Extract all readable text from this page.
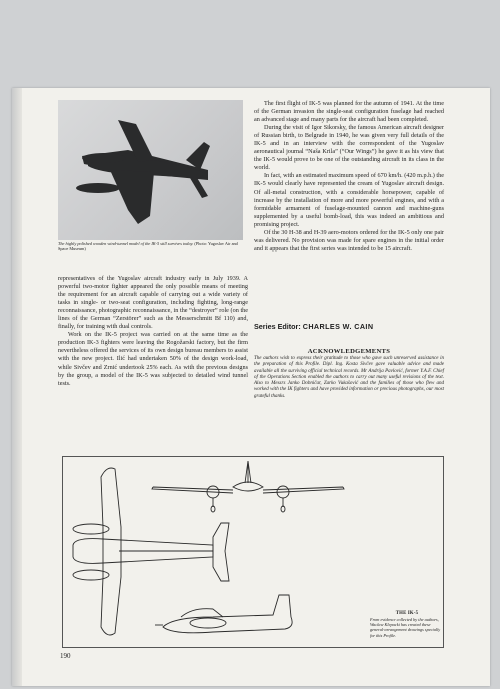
The highly polished wooden wind-tunnel model of the IK-5 still survives today. (Photo: Yugoslav Air and Space Museum)

representatives of the Yugoslav aircraft industry early in July 1939. A powerful two-motor fighter appeared the only possible means of meeting the requirement for an aircraft capable of carrying out a wide variety of tasks in single- or two-seat configuration, including fighting, long-range reconnaissance, photographic reconnaissance, in the “destroyer” role (on the lines of the German “Zerstörer” such as the Messerschmitt Bf 110) and, finally, for training with dual controls.

Work on the IK-5 project was carried on at the same time as the production IK-3 fighters were leaving the Rogožarski factory, but the firm nevertheless offered the services of its own design bureau members to assist with the new project. Ilić had undertaken 50% of the design work-load, while Sivčev and Zrnić undertook 25% each. As with the previous designs by the group, a model of the IK-5 was subjected to detailed wind tunnel tests.

The first flight of IK-5 was planned for the autumn of 1941. At the time of the German invasion the single-seat configuration fuselage had reached an advanced stage and many parts for the aircraft had been completed.

During the visit of Igor Sikorsky, the famous American aircraft designer of Russian birth, to Belgrade in 1940, he was given very full details of the IK-5 and in an interview with the correspondent of the Yugoslav aeronautical journal “Naša Krila” (“Our Wings”) he gave it as his view that the IK-5 would prove to be one of the outstanding aircraft in its class in the world.

In fact, with an estimated maximum speed of 670 km/h. (420 m.p.h.) the IK-5 would clearly have represented the cream of Yugoslav aircraft design. Of all-metal construction, with a considerable horsepower, capable of increase by the installation of more and more powerful engines, and with a formidable armament of fuselage-mounted cannon and machine-guns supplemented by a useful bomb-load, this was indeed an ambitious and promising project.

Of the 30 H-38 and H-39 aero-motors ordered for the IK-5 only one pair was delivered. No provision was made for spare engines in the initial order and it appears that the first series was intended to be 15 aircraft.

Series Editor: CHARLES W. CAIN
ACKNOWLEDGEMENTS
The authors wish to express their gratitude to those who gave such unreserved assistance in the preparation of this Profile. Dipl. Ing. Kosta Sivčev gave valuable advice and made available all the surviving official technical records. Mr Andrija Pavlović, former Y.A.F. Chief of the Operations Section enabled the authors to carry out many useful revisions of the text. Also to Messrs Janko Dobničar, Zarko Vukašović and the families of those who flew and worked with the IK fighters and have provided information or precious photographs, our most grateful thanks.
THE IK-5
From evidence collected by the authors, Waclaw Klepacki has created these general-arrangement drawings specially for this Profile.
190
